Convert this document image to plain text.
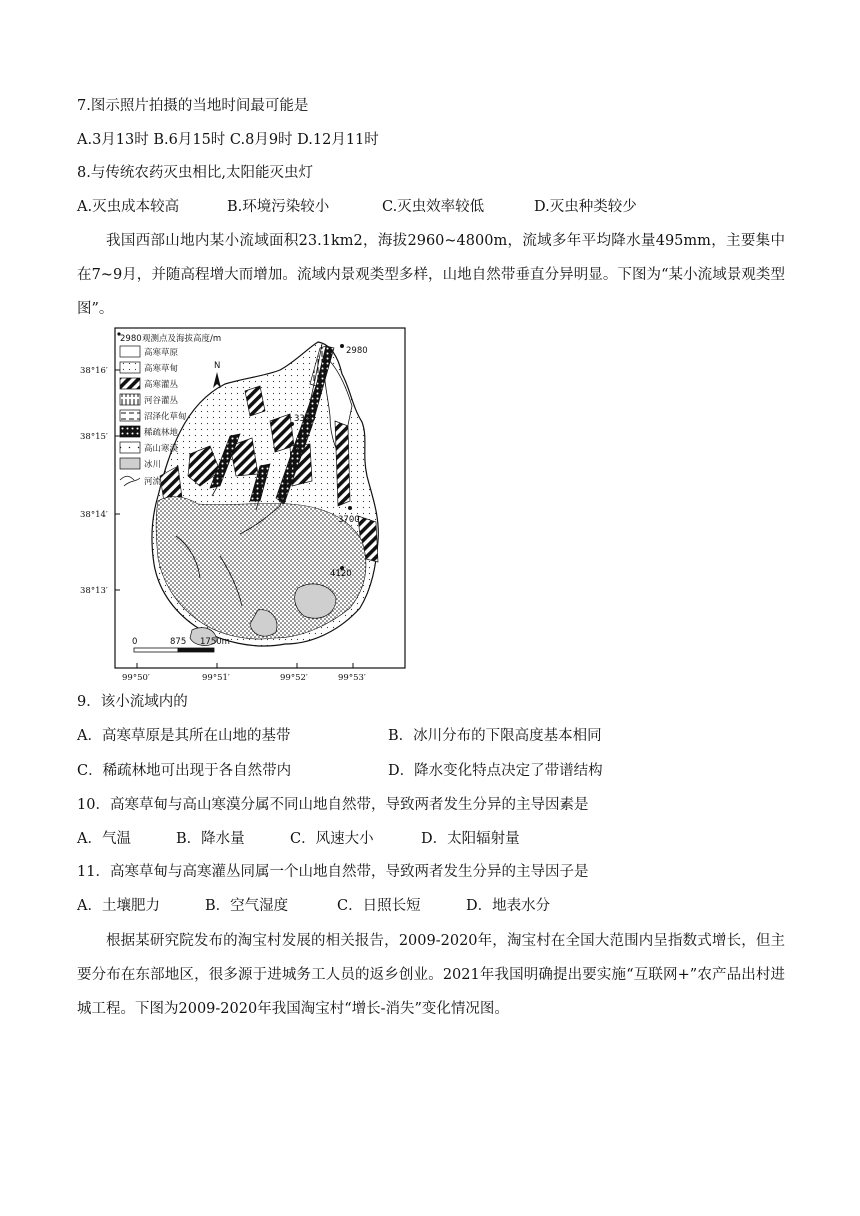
7.图示照片拍摄的当地时间最可能是
A.3月13时 B.6月15时 C.8月9时 D.12月11时
8.与传统农药灭虫相比,太阳能灭虫灯
A.灭虫成本较高	B.环境污染较小	C.灭虫效率较低	D.灭虫种类较少
我国西部山地内某小流域面积23.1km2，海拔2960~4800m，流域多年平均降水量495mm，主要集中在7~9月，并随高程增大而增加。流域内景观类型多样，山地自然带垂直分异明显。下图为“某小流域景观类型图”。
2980
3320
3700
4120
2980 观测点及海拔高度/m
高寒草原
高寒草甸
高寒灌丛
河谷灌丛
沼泽化草甸
稀疏林地
高山寒漠
冰川
河流
N
0	875 1750m
38°16′
38°15′
38°14′
38°13′
99°50′	99°51′	99°52′	99°53′
9．该小流域内的
A．高寒草原是其所在山地的基带	B．冰川分布的下限高度基本相同
C．稀疏林地可出现于各自然带内	D．降水变化特点决定了带谱结构
10．高寒草甸与高山寒漠分属不同山地自然带，导致两者发生分异的主导因素是
A．气温	B．降水量	C．风速大小	D．太阳辐射量
11．高寒草甸与高寒灌丛同属一个山地自然带，导致两者发生分异的主导因子是
A．土壤肥力	B．空气湿度	C．日照长短	D．地表水分
根据某研究院发布的淘宝村发展的相关报告，2009-2020年，淘宝村在全国大范围内呈指数式增长，但主要分布在东部地区，很多源于进城务工人员的返乡创业。2021年我国明确提出要实施“互联网+”农产品出村进城工程。下图为2009-2020年我国淘宝村“增长-消失”变化情况图。
